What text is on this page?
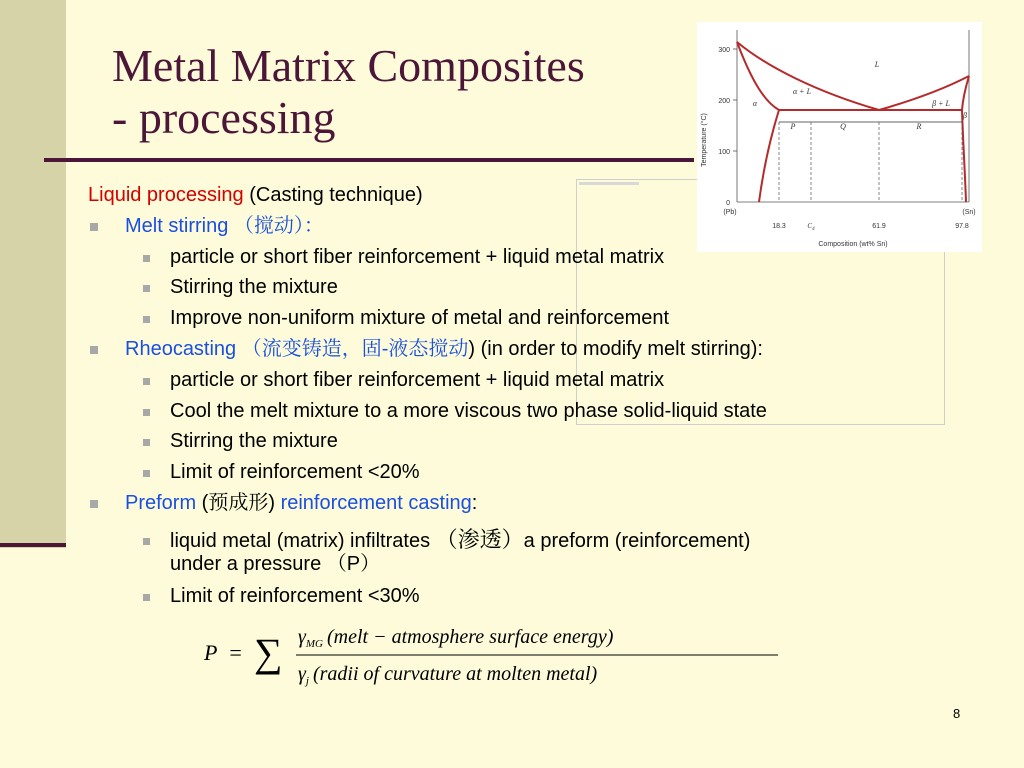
Metal Matrix Composites
- processing	Temperature (°C)
300
200
100
0
(Pb)	(Sn)
L
α + L
β + L
α
β
P	Q	R
18.3	$C_4$	61.9	97.8
Composition (wt% Sn)
Liquid processing (Casting technique)
Melt stirring （搅动）：
particle or short fiber reinforcement + liquid metal matrix
Stirring the mixture
Improve non-uniform mixture of metal and reinforcement
Rheocasting （流变铸造，固-液态搅动) (in order to modify melt stirring):
particle or short fiber reinforcement + liquid metal matrix
Cool the melt mixture to a more viscous two phase solid-liquid state
Stirring the mixture
Limit of reinforcement <20%
Preform (预成形) reinforcement casting:
liquid metal (matrix) infiltrates （渗透）a preform (reinforcement)
under a pressure （P）
Limit of reinforcement <30%
P = ∑ $\gamma_{MG}$ (melt − atmosphere surface energy)
$\gamma_j$ (radii of curvature at molten metal)
8
